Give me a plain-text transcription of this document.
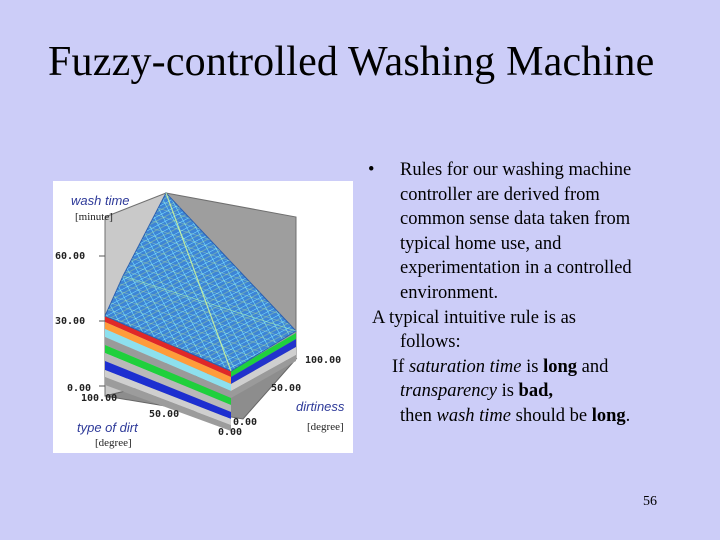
Fuzzy-controlled Washing Machine
wash time
[minute]
60.00
30.00
0.00
100.00
50.00
0.00
type of dirt
[degree]
100.00
50.00
0.00
dirtiness
[degree]
• Rules for our washing machine
controller are derived from
common sense data taken from
typical home use, and
experimentation in a controlled
environment.
A typical intuitive rule is as
follows:
If saturation time is long and
transparency is bad,
then wash time should be long.
56
